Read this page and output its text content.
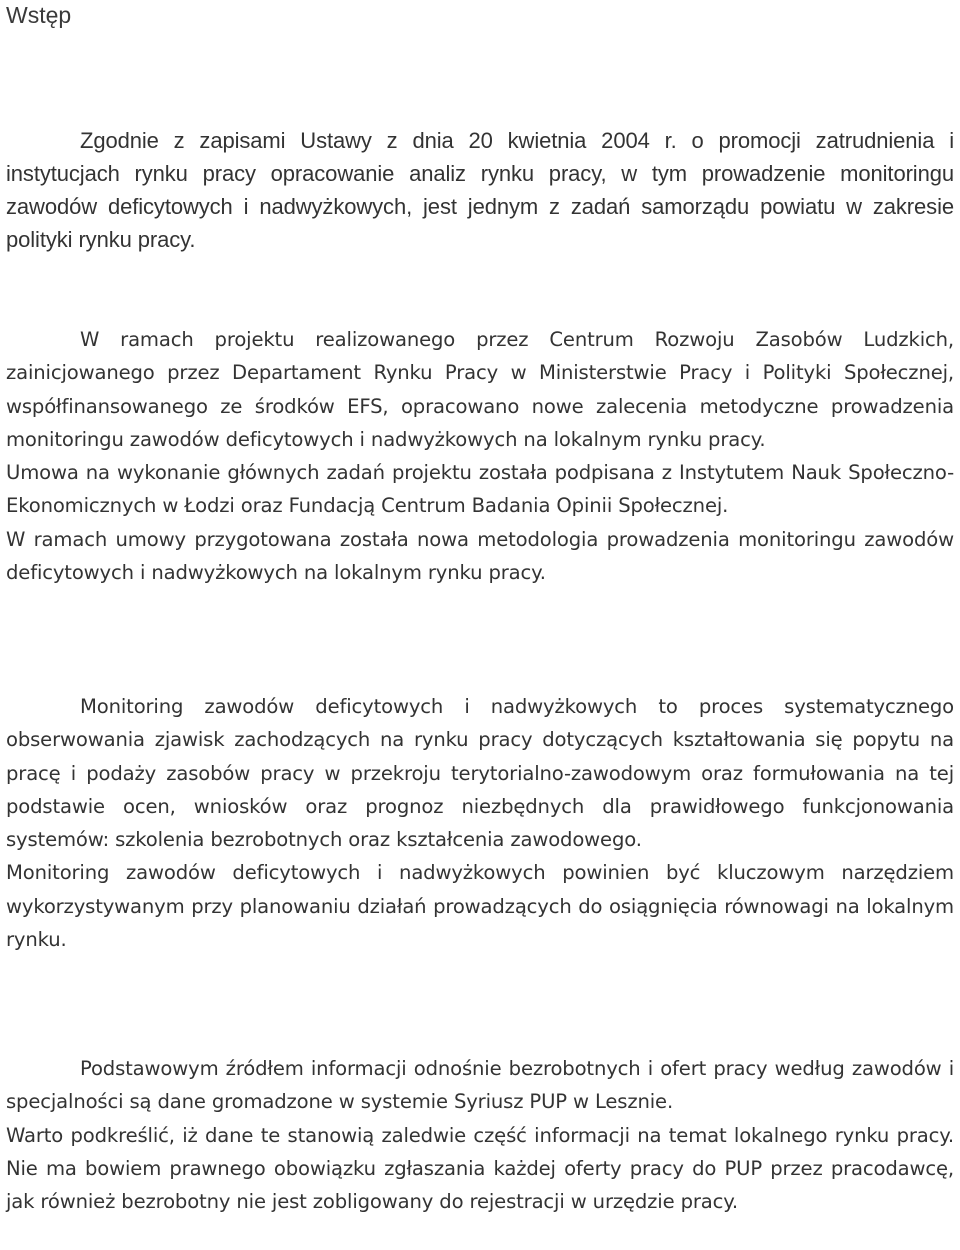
Wstęp

Zgodnie z zapisami Ustawy z dnia 20 kwietnia 2004 r. o promocji zatrudnienia i instytucjach rynku pracy opracowanie analiz rynku pracy, w tym prowadzenie monitoringu zawodów deficytowych i nadwyżkowych, jest jednym z zadań samorządu powiatu w zakresie polityki rynku pracy.

W ramach projektu realizowanego przez Centrum Rozwoju Zasobów Ludzkich, zainicjowanego przez Departament Rynku Pracy w Ministerstwie Pracy i Polityki Społecznej, współfinansowanego ze środków EFS, opracowano nowe zalecenia metodyczne prowadzenia monitoringu zawodów deficytowych i nadwyżkowych na lokalnym rynku pracy.
Umowa na wykonanie głównych zadań projektu została podpisana z Instytutem Nauk Społeczno-Ekonomicznych w Łodzi oraz Fundacją Centrum Badania Opinii Społecznej.
W ramach umowy przygotowana została nowa metodologia prowadzenia monitoringu zawodów deficytowych i nadwyżkowych na lokalnym rynku pracy.

Monitoring zawodów deficytowych i nadwyżkowych to proces systematycznego obserwowania zjawisk zachodzących na rynku pracy dotyczących kształtowania się popytu na pracę i podaży zasobów pracy w przekroju terytorialno-zawodowym oraz formułowania na tej podstawie ocen, wniosków oraz prognoz niezbędnych dla prawidłowego funkcjonowania systemów: szkolenia bezrobotnych oraz kształcenia zawodowego.
Monitoring zawodów deficytowych i nadwyżkowych powinien być kluczowym narzędziem wykorzystywanym przy planowaniu działań prowadzących do osiągnięcia równowagi na lokalnym rynku.

Podstawowym źródłem informacji odnośnie bezrobotnych i ofert pracy według zawodów i specjalności są dane gromadzone w systemie Syriusz PUP w Lesznie.
Warto podkreślić, iż dane te stanowią zaledwie część informacji na temat lokalnego rynku pracy. Nie ma bowiem prawnego obowiązku zgłaszania każdej oferty pracy do PUP przez pracodawcę, jak również bezrobotny nie jest zobligowany do rejestracji w urzędzie pracy.
